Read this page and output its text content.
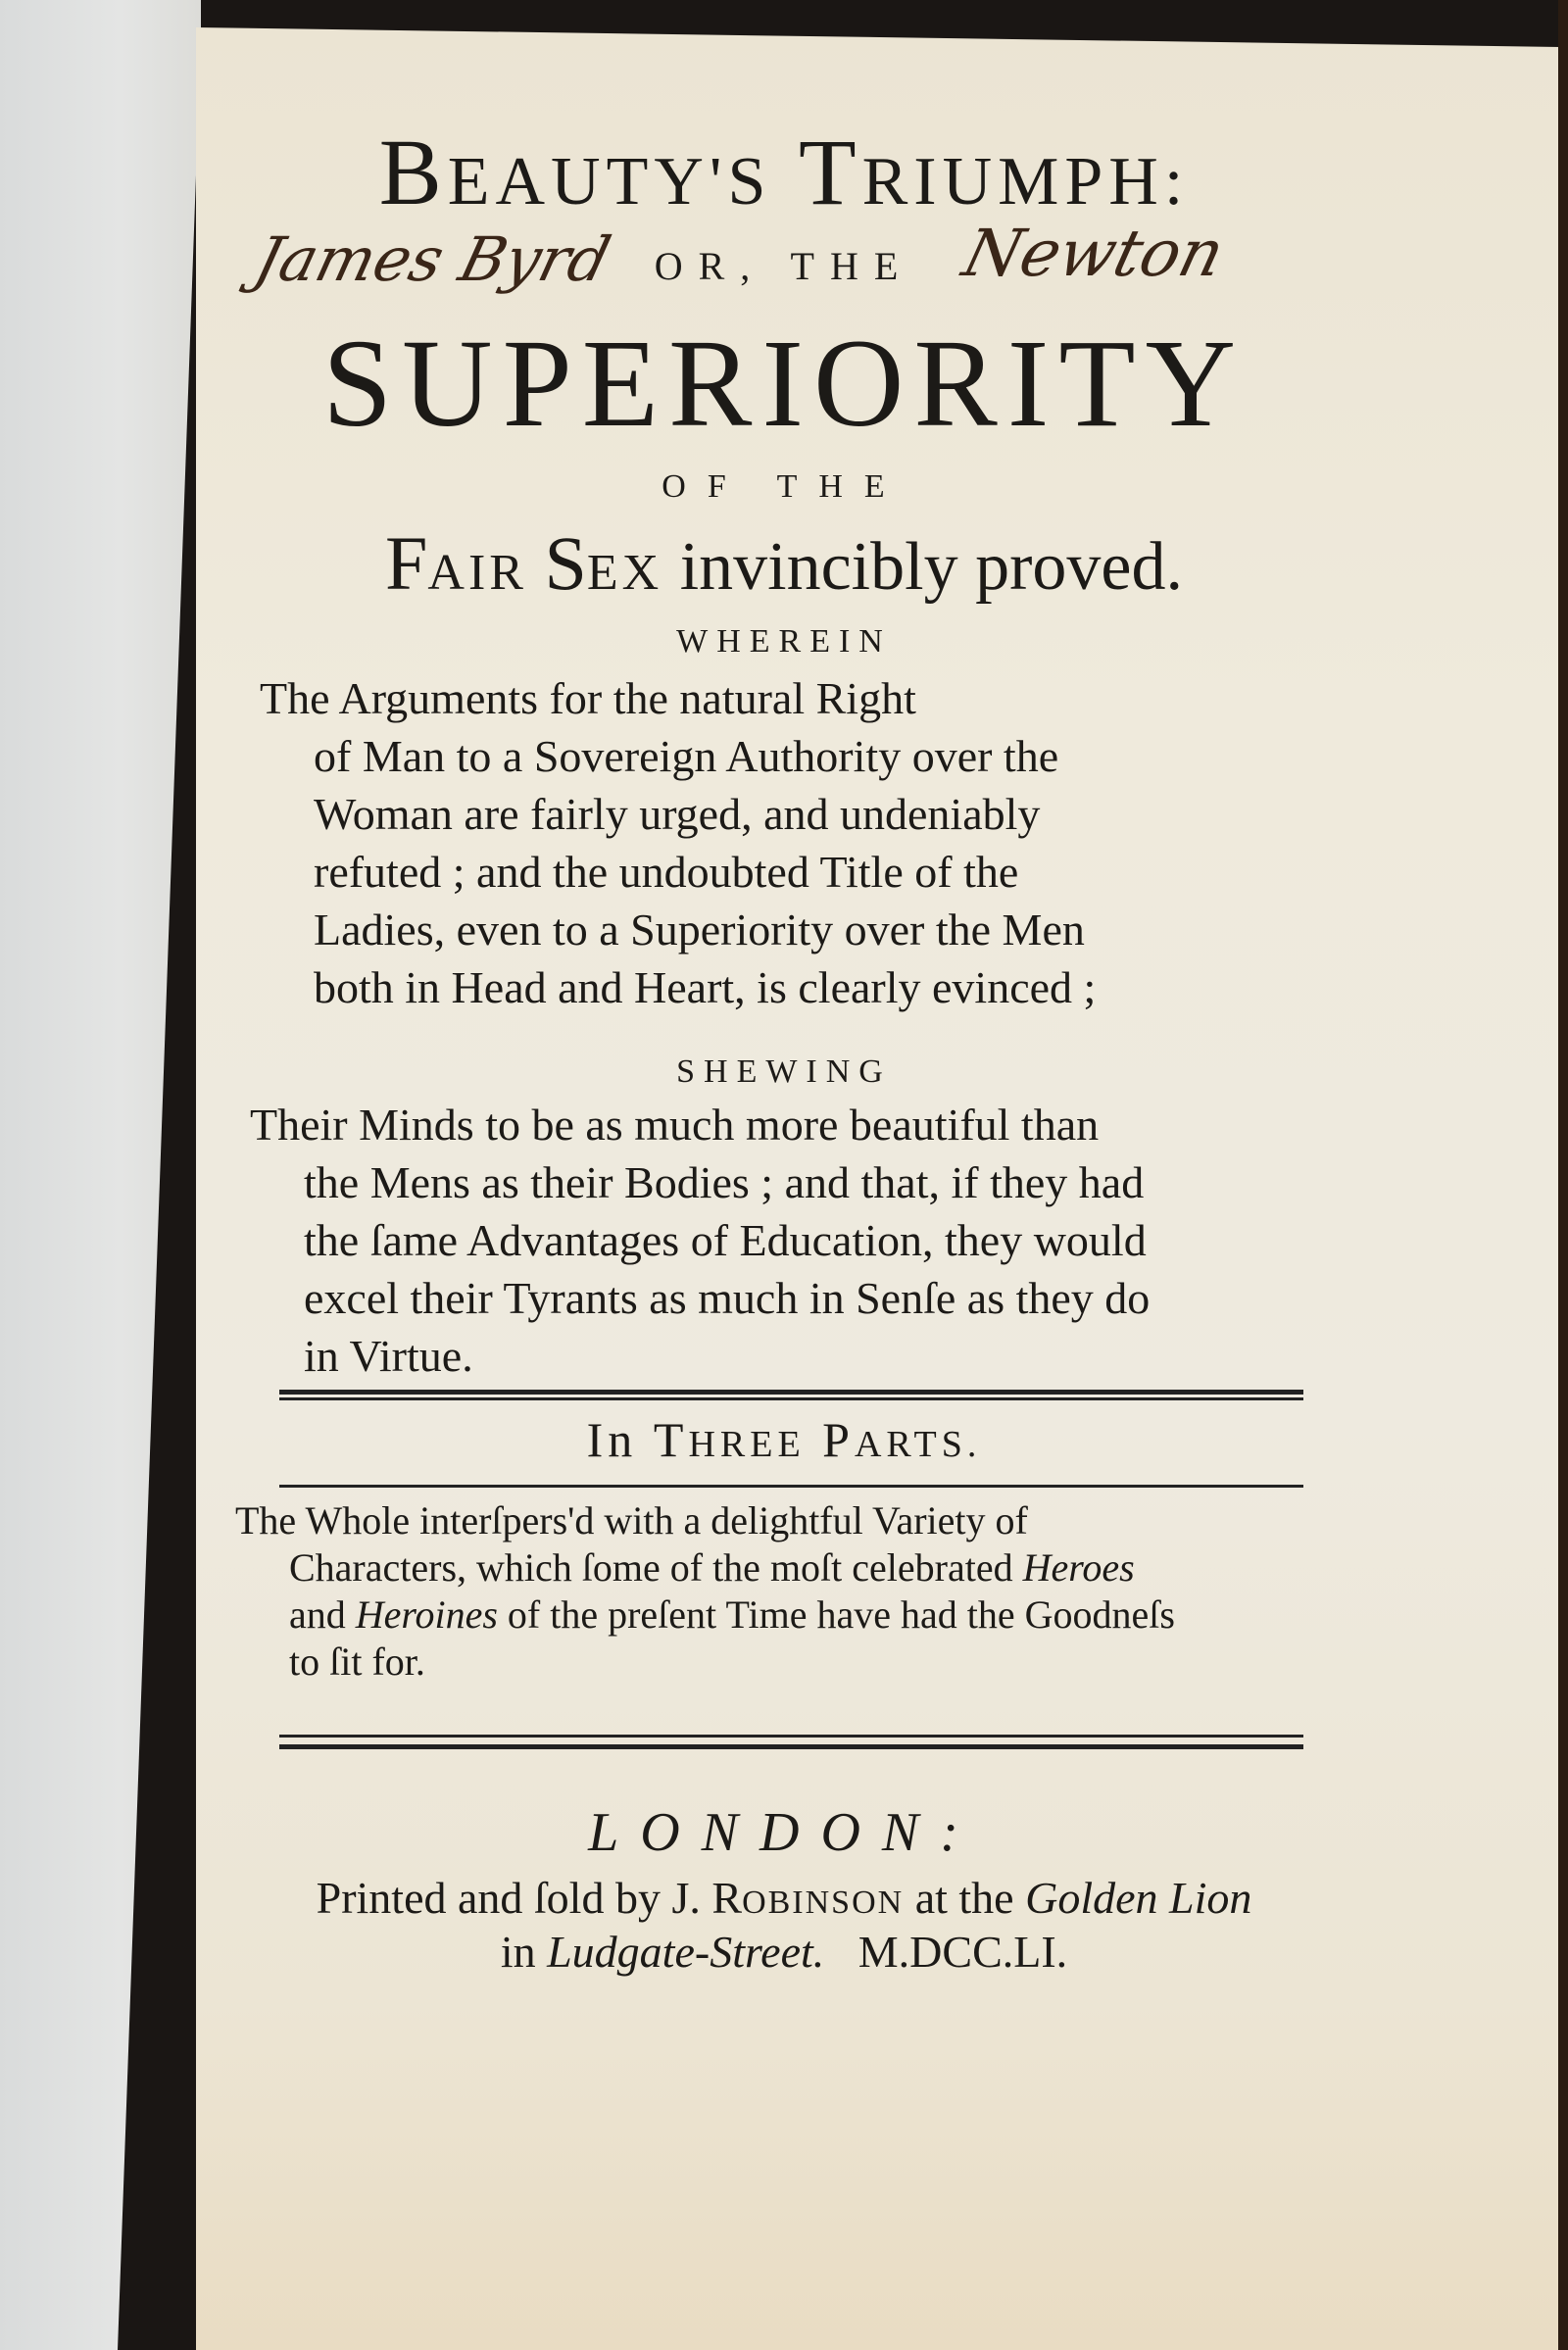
BEAUTY'S TRIUMPH:
OR, THE
James Byrd	Newton
SUPERIORITY
OF THE
FAIR SEX invincibly proved.
WHEREIN
The Arguments for the natural Right
of Man to a Sovereign Authority over the
Woman are fairly urged, and undeniably
refuted ; and the undoubted Title of the
Ladies, even to a Superiority over the Men
both in Head and Heart, is clearly evinced ;
SHEWING
Their Minds to be as much more beautiful than
the Mens as their Bodies ; and that, if they had
the ſame Advantages of Education, they would
excel their Tyrants as much in Senſe as they do
in Virtue.
In THREE PARTS.
The Whole interſpers'd with a delightful Variety of
Characters, which ſome of the moſt celebrated Heroes
and Heroines of the preſent Time have had the Goodneſs
to ſit for.
LONDON:
Printed and ſold by J. ROBINSON at the Golden Lion
in Ludgate-Street. M.DCC.LI.
